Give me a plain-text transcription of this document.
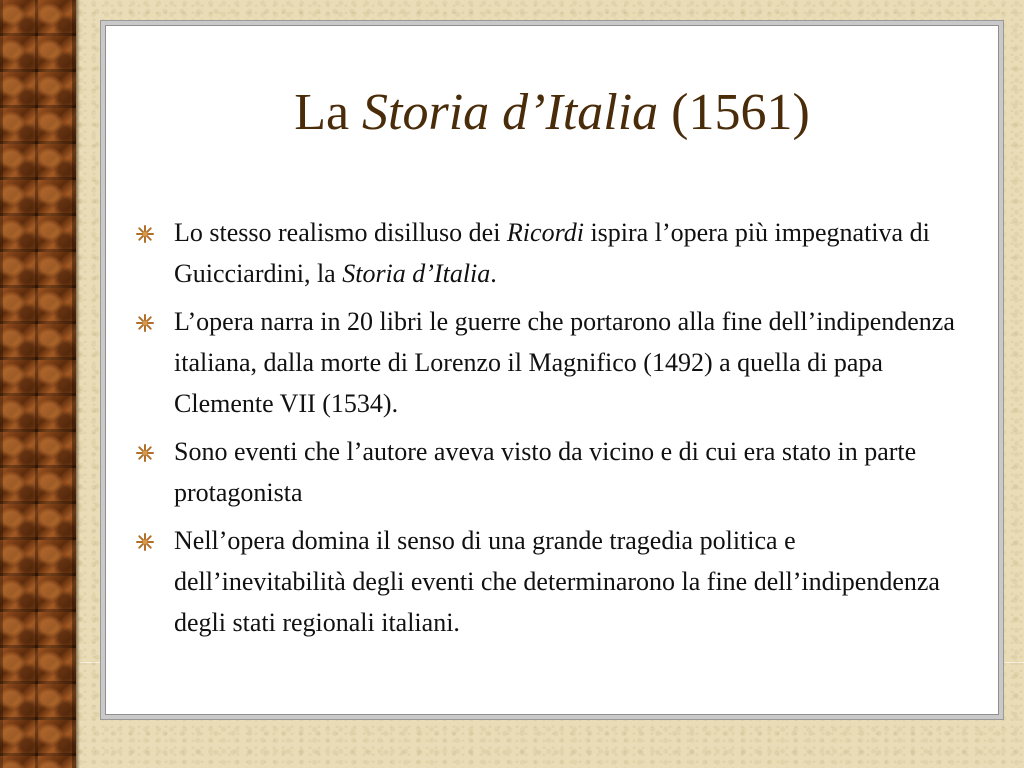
La Storia d’Italia (1561)
Lo stesso realismo disilluso dei Ricordi ispira l’opera più impegnativa di Guicciardini, la Storia d’Italia.
L’opera narra in 20 libri le guerre che portarono alla fine dell’indipendenza italiana, dalla morte di Lorenzo il Magnifico (1492) a quella di papa Clemente VII (1534).
Sono eventi che l’autore aveva visto da vicino e di cui era stato in parte protagonista
Nell’opera domina il senso di una grande tragedia politica e dell’inevitabilità degli eventi che determinarono la fine dell’indipendenza degli stati regionali italiani.
